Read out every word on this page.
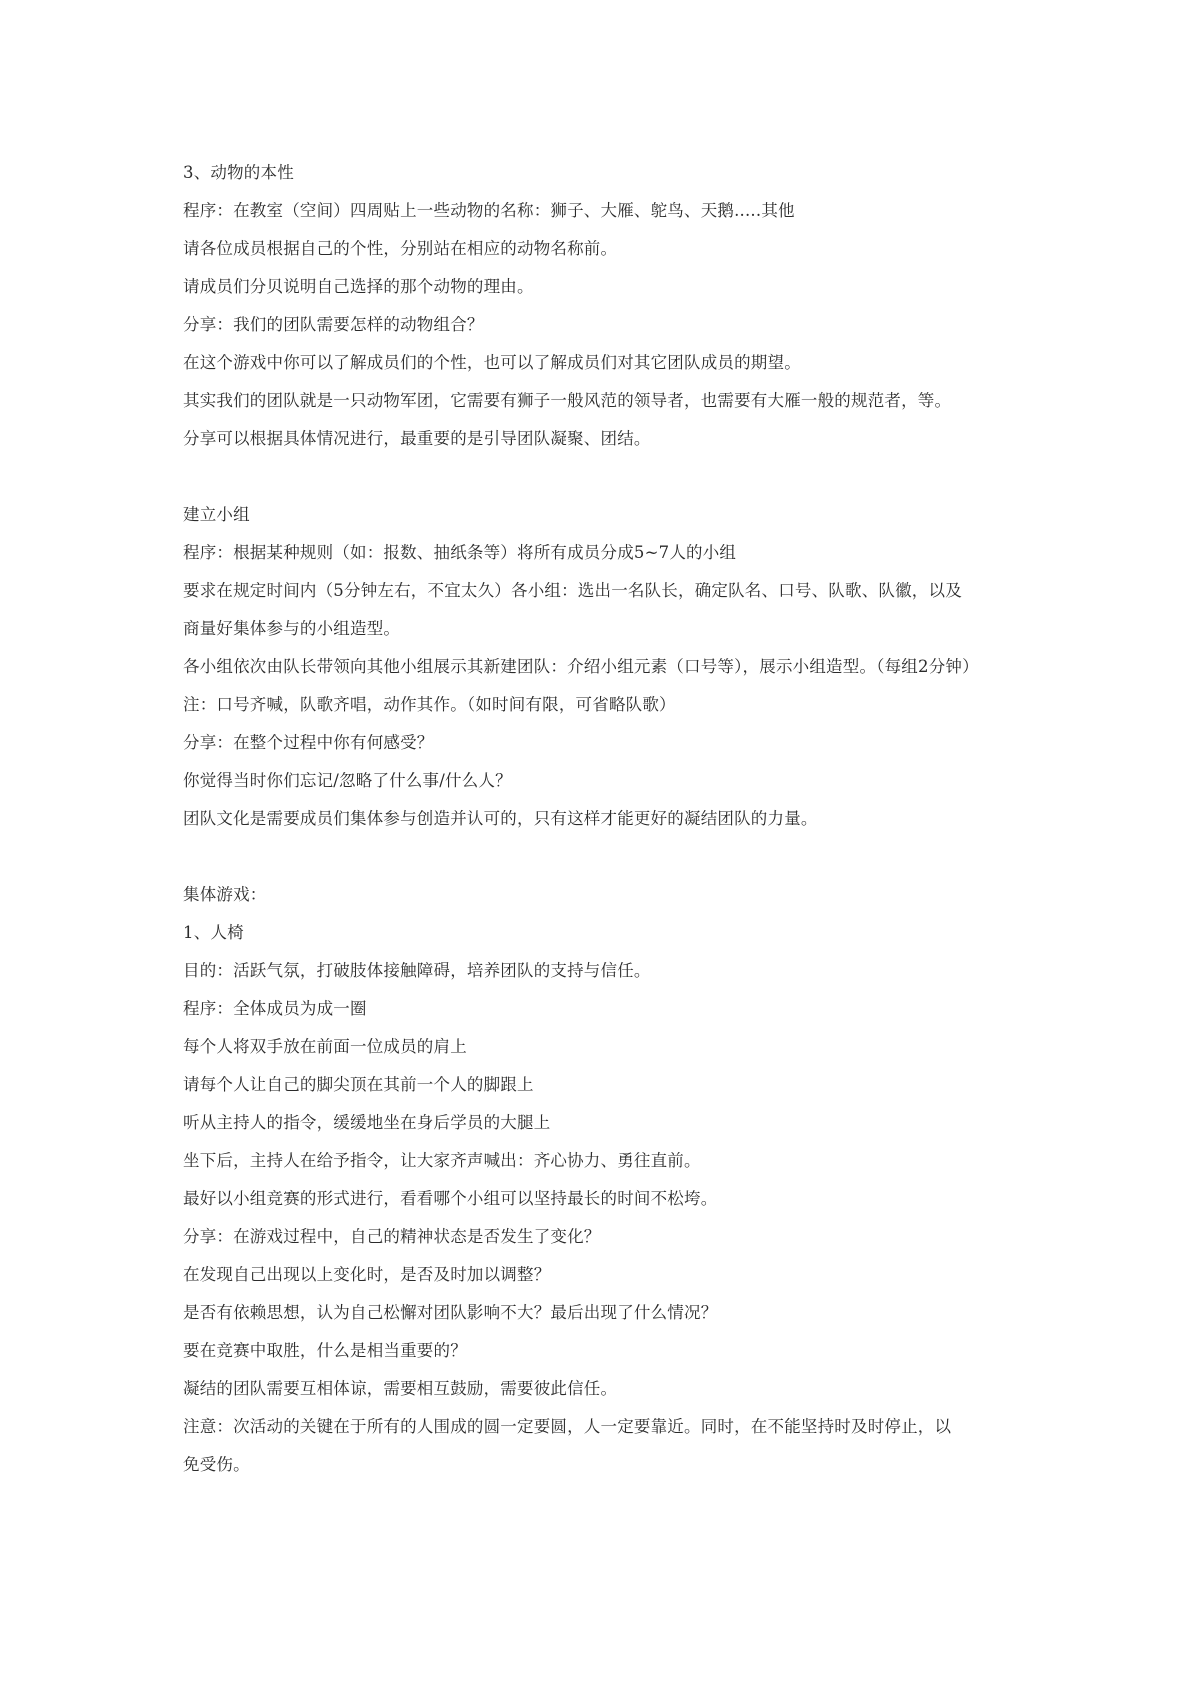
3、动物的本性
程序：在教室（空间）四周贴上一些动物的名称：狮子、大雁、鸵鸟、天鹅.....其他
请各位成员根据自己的个性，分别站在相应的动物名称前。
请成员们分贝说明自己选择的那个动物的理由。
分享：我们的团队需要怎样的动物组合？
在这个游戏中你可以了解成员们的个性，也可以了解成员们对其它团队成员的期望。
其实我们的团队就是一只动物军团，它需要有狮子一般风范的领导者，也需要有大雁一般的规范者，等。
分享可以根据具体情况进行，最重要的是引导团队凝聚、团结。
建立小组
程序：根据某种规则（如：报数、抽纸条等）将所有成员分成5~7人的小组
要求在规定时间内（5分钟左右，不宜太久）各小组：选出一名队长，确定队名、口号、队歌、队徽，以及
商量好集体参与的小组造型。
各小组依次由队长带领向其他小组展示其新建团队：介绍小组元素（口号等），展示小组造型。（每组2分钟）
注：口号齐喊，队歌齐唱，动作其作。（如时间有限，可省略队歌）
分享：在整个过程中你有何感受？
你觉得当时你们忘记/忽略了什么事/什么人？
团队文化是需要成员们集体参与创造并认可的，只有这样才能更好的凝结团队的力量。
集体游戏：
1、人椅
目的：活跃气氛，打破肢体接触障碍，培养团队的支持与信任。
程序：全体成员为成一圈
每个人将双手放在前面一位成员的肩上
请每个人让自己的脚尖顶在其前一个人的脚跟上
听从主持人的指令，缓缓地坐在身后学员的大腿上
坐下后，主持人在给予指令，让大家齐声喊出：齐心协力、勇往直前。
最好以小组竞赛的形式进行，看看哪个小组可以坚持最长的时间不松垮。
分享：在游戏过程中，自己的精神状态是否发生了变化？
在发现自己出现以上变化时，是否及时加以调整？
是否有依赖思想，认为自己松懈对团队影响不大？最后出现了什么情况？
要在竞赛中取胜，什么是相当重要的？
凝结的团队需要互相体谅，需要相互鼓励，需要彼此信任。
注意：次活动的关键在于所有的人围成的圆一定要圆，人一定要靠近。同时，在不能坚持时及时停止，以
免受伤。
